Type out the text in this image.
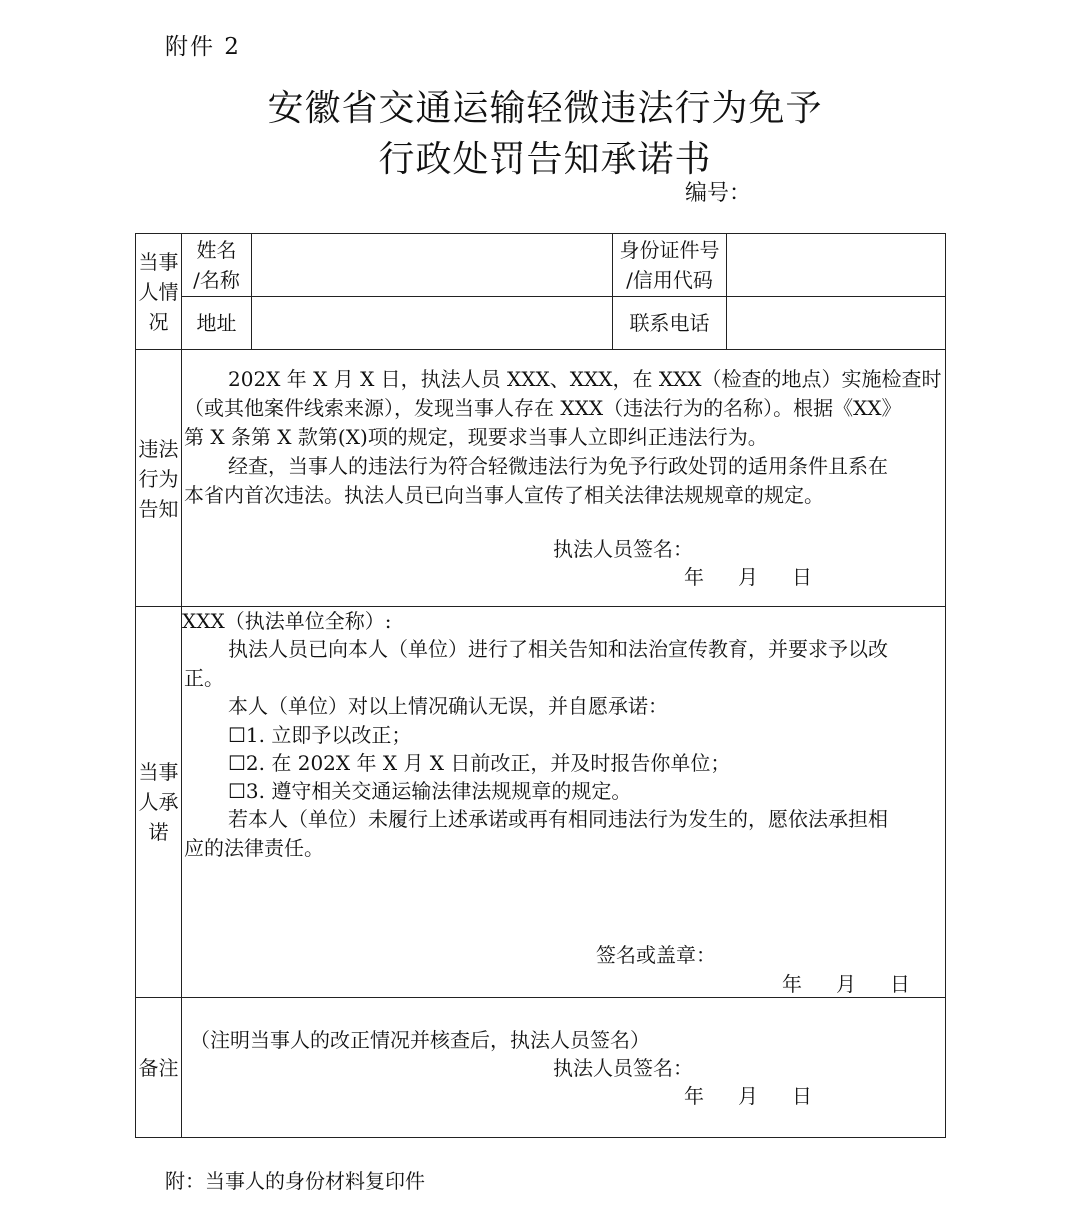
附件 2
安徽省交通运输轻微违法行为免予
行政处罚告知承诺书
编号：
当事
人情
况
姓名
/名称
身份证件号
/信用代码
地址	联系电话
违法
行为
告知
202X 年 X 月 X 日，执法人员 XXX、XXX，在 XXX（检查的地点）实施检查时
（或其他案件线索来源），发现当事人存在 XXX（违法行为的名称）。根据《XX》
第 X 条第 X 款第(X)项的规定，现要求当事人立即纠正违法行为。
经查，当事人的违法行为符合轻微违法行为免予行政处罚的适用条件且系在
本省内首次违法。执法人员已向当事人宣传了相关法律法规规章的规定。
执法人员签名：
年 月 日
当事
人承
诺
XXX（执法单位全称）:
执法人员已向本人（单位）进行了相关告知和法治宣传教育，并要求予以改
正。
本人（单位）对以上情况确认无误，并自愿承诺：
☐1. 立即予以改正；
☐2. 在 202X 年 X 月 X 日前改正，并及时报告你单位；
☐3. 遵守相关交通运输法律法规规章的规定。
若本人（单位）未履行上述承诺或再有相同违法行为发生的，愿依法承担相
应的法律责任。
签名或盖章：
年 月 日
备注
（注明当事人的改正情况并核查后，执法人员签名）
执法人员签名：
年 月 日
附：当事人的身份材料复印件
